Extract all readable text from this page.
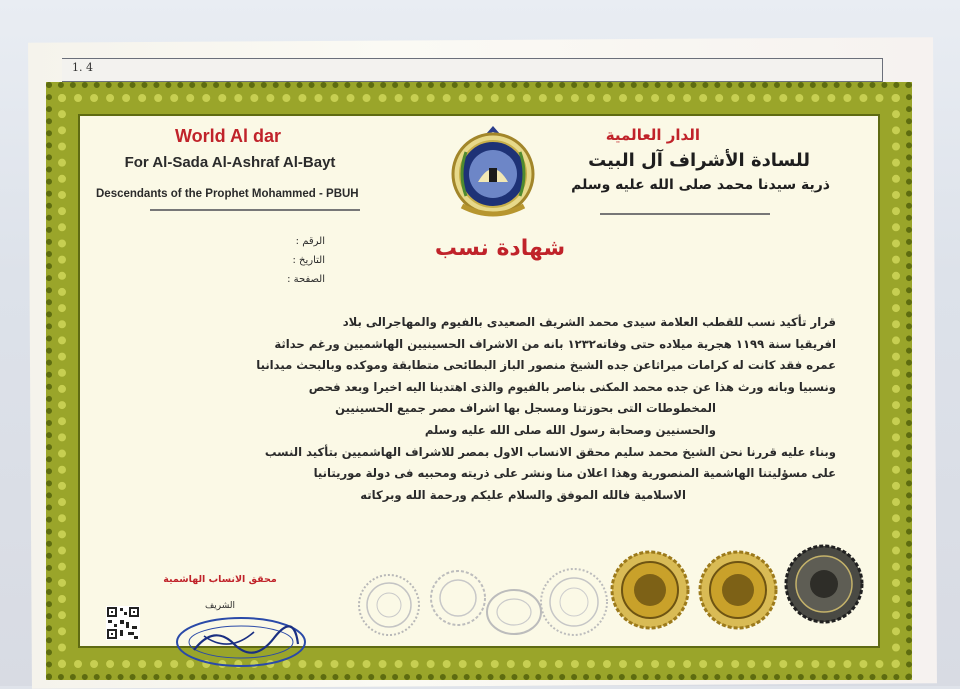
1. 4
World Al dar
For Al-Sada Al-Ashraf Al-Bayt
Descendants of the Prophet Mohammed - PBUH
الدار العالمية
للسادة الأشراف آل البيت
ذرية سيدنا محمد صلى الله عليه وسلم
شهادة نسب
الرقم :
التاريخ :
الصفحة :

قرار تأكيد نسب للقطب العلامة سيدى محمد الشريف الصعيدى بالفيوم والمهاجرالى بلاد

افريقيا سنة ١١٩٩ هجرية ميلاده حتى وفاته١٢٣٢ بانه من الاشراف الحسينيين الهاشميين ورغم حداثة

عمره فقد كانت له كرامات ميراثاعن جده الشيخ منصور الباز البطائحى متطابقة وموكده وبالبحث ميدانيا

ونسبيا وبانه ورث هذا عن جده محمد المكنى بناصر بالفيوم والذى اهتدينا اليه اخيرا وبعد فحص

المخطوطات التى بحوزتنا ومسجل بها اشراف مصر جميع الحسينيين

والحسنيين وصحابة رسول الله صلى الله عليه وسلم

وبناء عليه قررنا نحن الشيخ محمد سليم محقق الانساب الاول بمصر للاشراف الهاشميين بتأكيد النسب

على مسؤليتنا الهاشمية المنصورية وهذا اعلان منا ونشر على ذريته ومحبيه فى دولة موريتانيا

الاسلامية فالله الموفق والسلام عليكم ورحمة الله وبركاته

محقق الانساب الهاشمية
الشريف
